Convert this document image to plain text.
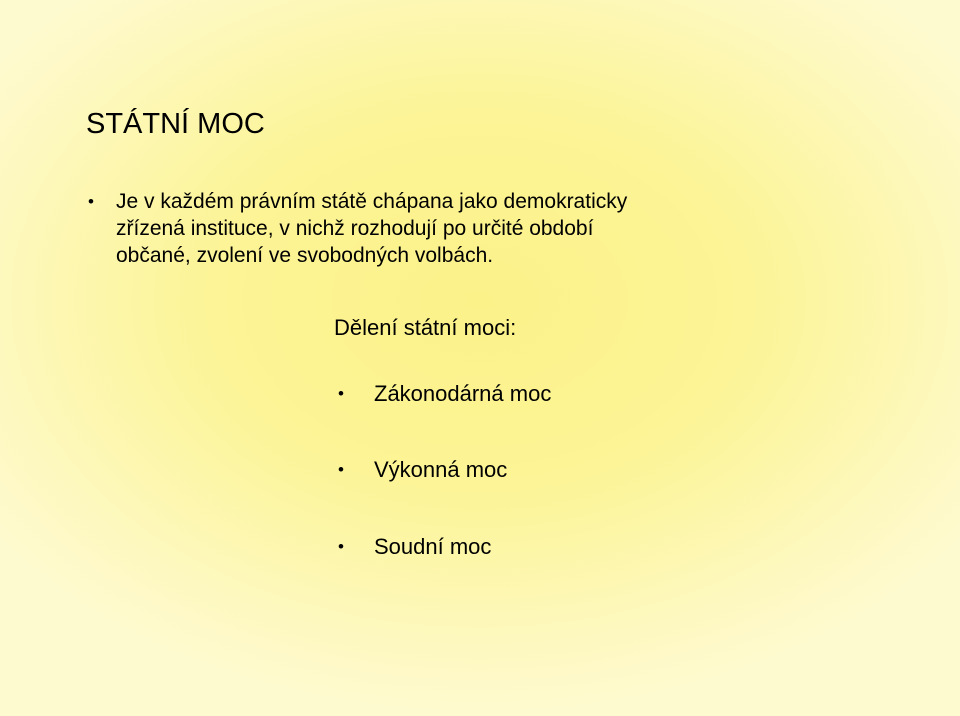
STÁTNÍ MOC
•	Je v každém právním státě chápana jako demokraticky
zřízená instituce, v nichž rozhodují po určité období
občané, zvolení ve svobodných volbách.
Dělení státní moci:
•	Zákonodárná moc
•	Výkonná moc
•	Soudní moc
